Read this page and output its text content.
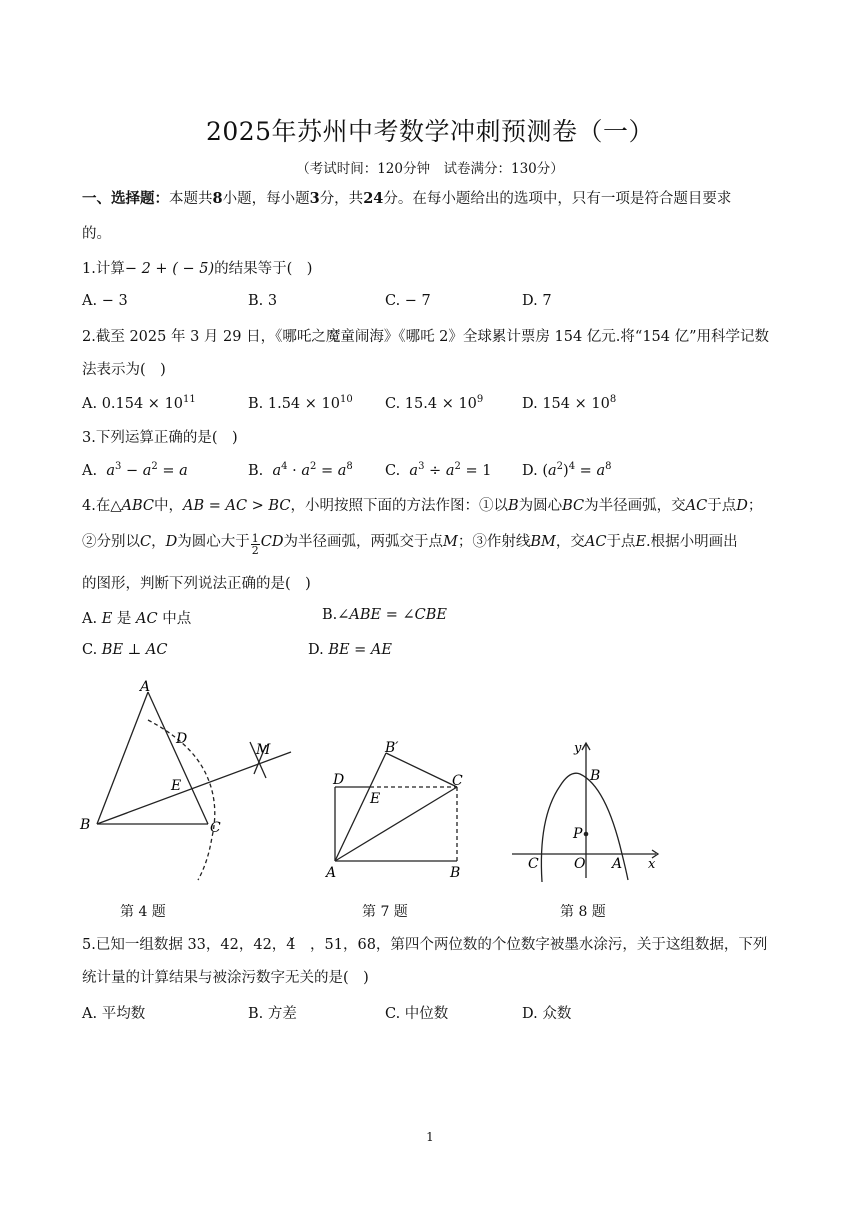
2025年苏州中考数学冲刺预测卷（一）
（考试时间：120分钟　试卷满分：130分）
一、选择题：本题共8小题，每小题3分，共24分。在每小题给出的选项中，只有一项是符合题目要求
的。
1.计算− 2 + ( − 5)的结果等于(　)
A. − 3	B. 3	C. − 7	D. 7
2.截至 2025 年 3 月 29 日，《哪吒之魔童闹海》《哪吒 2》全球累计票房 154 亿元.将“154 亿”用科学记数
法表示为(　)
A. $0.154 \times 10^{11}$	B. $1.54 \times 10^{10}$ C. $15.4 \times 10^9$	D. $154 \times 10^8$
3.下列运算正确的是(　)
A.  $a^3 - a^2 = a$	B.  $a^4 \cdot a^2 = a^8$ C.  $a^3 \div a^2 = 1$ D. $(a^2)^4 = a^8$
4.在△ABC中，AB = AC > BC，小明按照下面的方法作图：①以B为圆心BC为半径画弧，交AC于点D；
②分别以C，D为圆心大于 $\frac{1}{2}$ CD为半径画弧，两弧交于点M；③作射线BM，交AC于点E.根据小明画出
的图形，判断下列说法正确的是(　)
A. E 是 AC 中点	B.∠ABE = ∠CBE
C. BE ⊥ AC	D. BE = AE
A
D
M
E
B	C
B′
D
E
C
A	B
y
B
P
C	O A x
第 4 题	第 7 题	第 8 题
5.已知一组数据 33，42，42，4̌　，51，68，第四个两位数的个位数字被墨水涂污，关于这组数据，下列
统计量的计算结果与被涂污数字无关的是(　)
A. 平均数	B. 方差	C. 中位数	D. 众数
1
